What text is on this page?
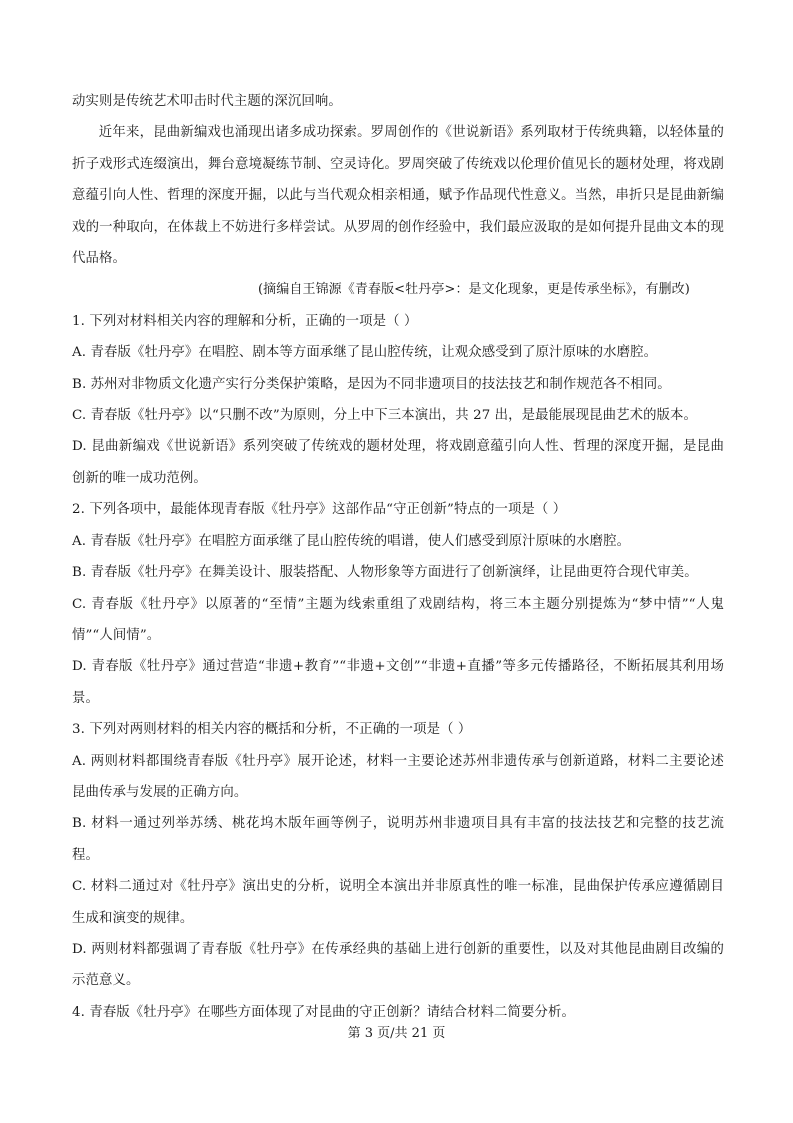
动实则是传统艺术叩击时代主题的深沉回响。

近年来，昆曲新编戏也涌现出诸多成功探索。罗周创作的《世说新语》系列取材于传统典籍，以轻体量的折子戏形式连缀演出，舞台意境凝练节制、空灵诗化。罗周突破了传统戏以伦理价值见长的题材处理，将戏剧意蕴引向人性、哲理的深度开掘，以此与当代观众相亲相通，赋予作品现代性意义。当然，串折只是昆曲新编戏的一种取向，在体裁上不妨进行多样尝试。从罗周的创作经验中，我们最应汲取的是如何提升昆曲文本的现代品格。

(摘编自王锦源《青春版<牡丹亭>：是文化现象，更是传承坐标》，有删改)

1. 下列对材料相关内容的理解和分析，正确的一项是（ ）

A. 青春版《牡丹亭》在唱腔、剧本等方面承继了昆山腔传统，让观众感受到了原汁原味的水磨腔。

B. 苏州对非物质文化遗产实行分类保护策略，是因为不同非遗项目的技法技艺和制作规范各不相同。

C. 青春版《牡丹亭》以“只删不改”为原则，分上中下三本演出，共 27 出，是最能展现昆曲艺术的版本。

D. 昆曲新编戏《世说新语》系列突破了传统戏的题材处理，将戏剧意蕴引向人性、哲理的深度开掘，是昆曲创新的唯一成功范例。

2. 下列各项中，最能体现青春版《牡丹亭》这部作品“守正创新”特点的一项是（ ）

A. 青春版《牡丹亭》在唱腔方面承继了昆山腔传统的唱谱，使人们感受到原汁原味的水磨腔。

B. 青春版《牡丹亭》在舞美设计、服装搭配、人物形象等方面进行了创新演绎，让昆曲更符合现代审美。

C. 青春版《牡丹亭》以原著的“至情”主题为线索重组了戏剧结构，将三本主题分别提炼为“梦中情”“人鬼情”“人间情”。

D. 青春版《牡丹亭》通过营造“非遗+教育”“非遗+文创”“非遗+直播”等多元传播路径，不断拓展其利用场景。

3. 下列对两则材料的相关内容的概括和分析，不正确的一项是（ ）

A. 两则材料都围绕青春版《牡丹亭》展开论述，材料一主要论述苏州非遗传承与创新道路，材料二主要论述昆曲传承与发展的正确方向。

B. 材料一通过列举苏绣、桃花坞木版年画等例子，说明苏州非遗项目具有丰富的技法技艺和完整的技艺流程。

C. 材料二通过对《牡丹亭》演出史的分析，说明全本演出并非原真性的唯一标准，昆曲保护传承应遵循剧目生成和演变的规律。

D. 两则材料都强调了青春版《牡丹亭》在传承经典的基础上进行创新的重要性，以及对其他昆曲剧目改编的示范意义。

4. 青春版《牡丹亭》在哪些方面体现了对昆曲的守正创新？请结合材料二简要分析。

第 3 页/共 21 页
